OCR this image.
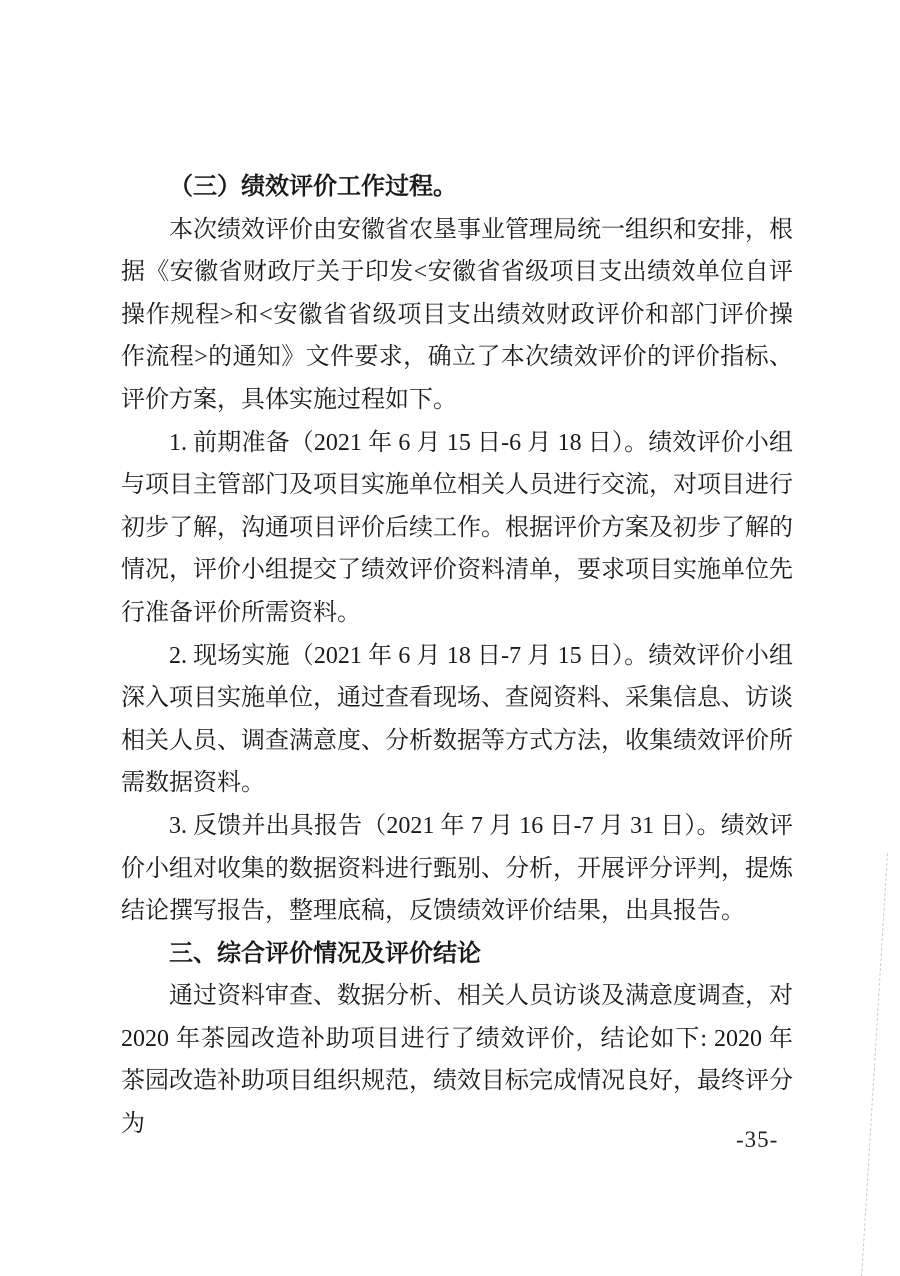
（三）绩效评价工作过程。

本次绩效评价由安徽省农垦事业管理局统一组织和安排，根据《安徽省财政厅关于印发<安徽省省级项目支出绩效单位自评操作规程>和<安徽省省级项目支出绩效财政评价和部门评价操作流程>的通知》文件要求，确立了本次绩效评价的评价指标、评价方案，具体实施过程如下。

1. 前期准备（2021 年 6 月 15 日-6 月 18 日）。绩效评价小组与项目主管部门及项目实施单位相关人员进行交流，对项目进行初步了解，沟通项目评价后续工作。根据评价方案及初步了解的情况，评价小组提交了绩效评价资料清单，要求项目实施单位先行准备评价所需资料。

2. 现场实施（2021 年 6 月 18 日-7 月 15 日）。绩效评价小组深入项目实施单位，通过查看现场、查阅资料、采集信息、访谈相关人员、调查满意度、分析数据等方式方法，收集绩效评价所需数据资料。

3. 反馈并出具报告（2021 年 7 月 16 日-7 月 31 日）。绩效评价小组对收集的数据资料进行甄别、分析，开展评分评判，提炼结论撰写报告，整理底稿，反馈绩效评价结果，出具报告。

三、综合评价情况及评价结论

通过资料审查、数据分析、相关人员访谈及满意度调查，对 2020 年茶园改造补助项目进行了绩效评价，结论如下: 2020 年茶园改造补助项目组织规范，绩效目标完成情况良好，最终评分为

-35-
